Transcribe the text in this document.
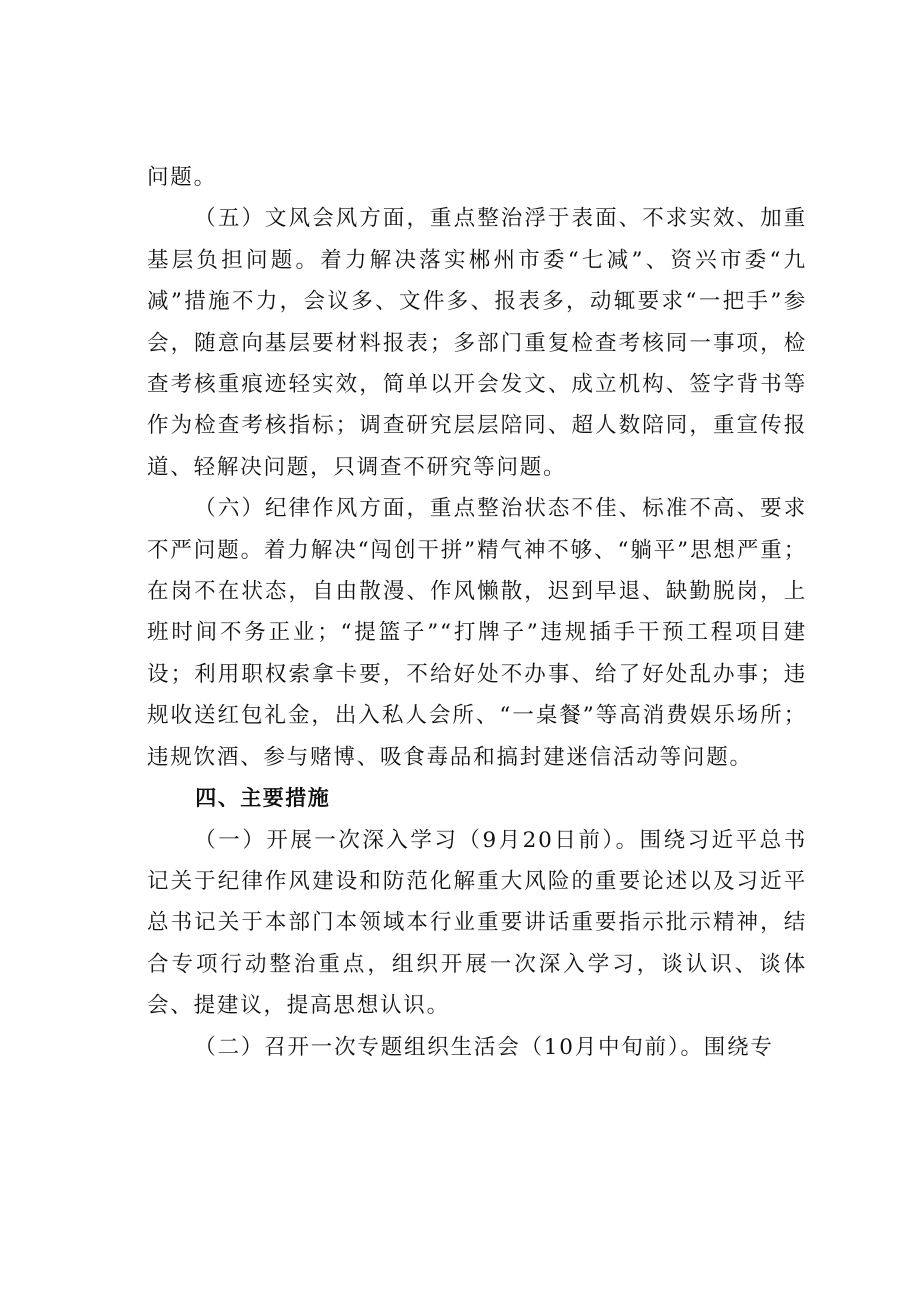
问题。

（五）文风会风方面，重点整治浮于表面、不求实效、加重基层负担问题。着力解决落实郴州市委“七减”、资兴市委“九减”措施不力，会议多、文件多、报表多，动辄要求“一把手”参会，随意向基层要材料报表；多部门重复检查考核同一事项，检查考核重痕迹轻实效，简单以开会发文、成立机构、签字背书等作为检查考核指标；调查研究层层陪同、超人数陪同，重宣传报道、轻解决问题，只调查不研究等问题。

（六）纪律作风方面，重点整治状态不佳、标准不高、要求不严问题。着力解决“闯创干拼”精气神不够、“躺平”思想严重；在岗不在状态，自由散漫、作风懒散，迟到早退、缺勤脱岗，上班时间不务正业；“提篮子”“打牌子”违规插手干预工程项目建设；利用职权索拿卡要，不给好处不办事、给了好处乱办事；违规收送红包礼金，出入私人会所、“一桌餐”等高消费娱乐场所；违规饮酒、参与赌博、吸食毒品和搞封建迷信活动等问题。

四、主要措施

（一）开展一次深入学习（9月20日前）。围绕习近平总书记关于纪律作风建设和防范化解重大风险的重要论述以及习近平总书记关于本部门本领域本行业重要讲话重要指示批示精神，结合专项行动整治重点，组织开展一次深入学习，谈认识、谈体会、提建议，提高思想认识。

（二）召开一次专题组织生活会（10月中旬前）。围绕专
